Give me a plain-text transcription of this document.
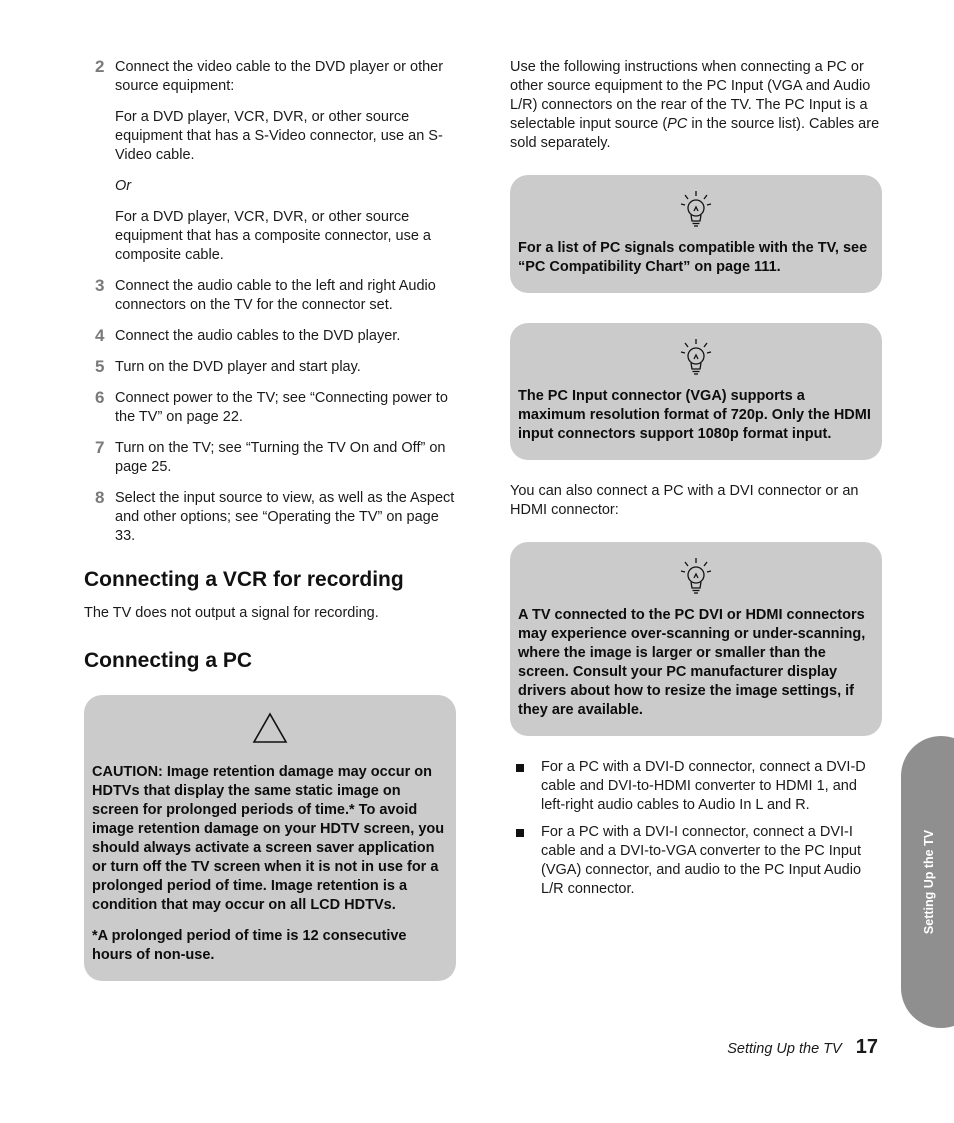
2 Connect the video cable to the DVD player or other source equipment:

For a DVD player, VCR, DVR, or other source equipment that has a S-Video connector, use an S-Video cable.

Or

For a DVD player, VCR, DVR, or other source equipment that has a composite connector, use a composite cable.

3 Connect the audio cable to the left and right Audio connectors on the TV for the connector set.

4 Connect the audio cables to the DVD player.

5 Turn on the DVD player and start play.

6 Connect power to the TV; see “Connecting power to the TV” on page 22.

7 Turn on the TV; see “Turning the TV On and Off” on page 25.

8 Select the input source to view, as well as the Aspect and other options; see “Operating the TV” on page 33.

Connecting a VCR for recording

The TV does not output a signal for recording.

Connecting a PC

CAUTION: Image retention damage may occur on HDTVs that display the same static image on screen for prolonged periods of time.* To avoid image retention damage on your HDTV screen, you should always activate a screen saver application or turn off the TV screen when it is not in use for a prolonged period of time. Image retention is a condition that may occur on all LCD HDTVs.

*A prolonged period of time is 12 consecutive hours of non-use.

Use the following instructions when connecting a PC or other source equipment to the PC Input (VGA and Audio L/R) connectors on the rear of the TV. The PC Input is a selectable input source (PC in the source list). Cables are sold separately.

For a list of PC signals compatible with the TV, see “PC Compatibility Chart” on page 111.

The PC Input connector (VGA) supports a maximum resolution format of 720p. Only the HDMI input connectors support 1080p format input.

You can also connect a PC with a DVI connector or an HDMI connector:

A TV connected to the PC DVI or HDMI connectors may experience over-scanning or under-scanning, where the image is larger or smaller than the screen. Consult your PC manufacturer display drivers about how to resize the image settings, if they are available.

For a PC with a DVI-D connector, connect a DVI-D cable and DVI-to-HDMI converter to HDMI 1, and left-right audio cables to Audio In L and R.
For a PC with a DVI-I connector, connect a DVI-I cable and a DVI-to-VGA converter to the PC Input (VGA) connector, and audio to the PC Input Audio L/R connector.	Setting Up the TV
Setting Up the TV 17
